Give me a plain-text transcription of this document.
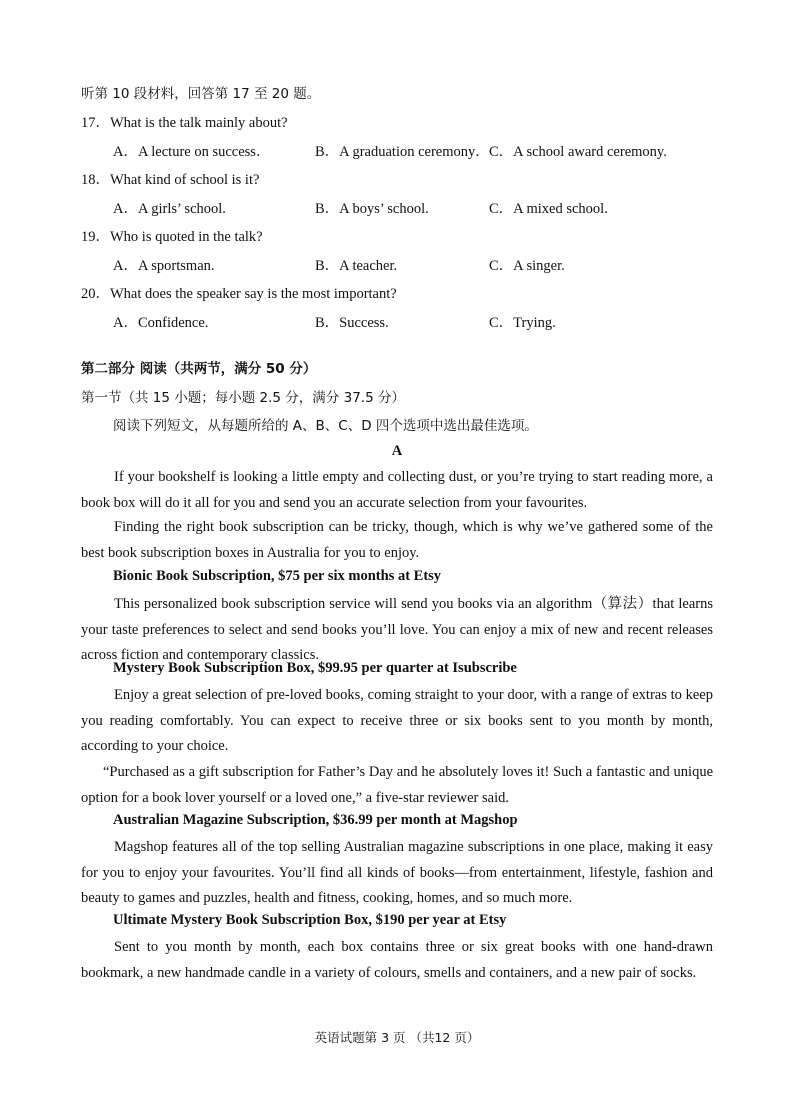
听第 10 段材料，回答第 17 至 20 题。
17．What is the talk mainly about?
A．A lecture on success．	B．A graduation ceremony． C．A school award ceremony.
18．What kind of school is it?
A．A girls’ school.	B．A boys’ school.	C．A mixed school.
19．Who is quoted in the talk?
A．A sportsman.	B．A teacher.	C．A singer.
20．What does the speaker say is the most important?
A．Confidence.	B．Success.	C．Trying.
第二部分 阅读（共两节，满分 50 分）
第一节（共 15 小题；每小题 2.5 分，满分 37.5 分）
阅读下列短文，从每题所给的 A、B、C、D 四个选项中选出最佳选项。
A
If your bookshelf is looking a little empty and collecting dust, or you’re trying to start reading more, a book box will do it all for you and send you an accurate selection from your favourites.
Finding the right book subscription can be tricky, though, which is why we’ve gathered some of the best book subscription boxes in Australia for you to enjoy.
Bionic Book Subscription, $75 per six months at Etsy
This personalized book subscription service will send you books via an algorithm（算法）that learns your taste preferences to select and send books you’ll love. You can enjoy a mix of new and recent releases across fiction and contemporary classics.
Mystery Book Subscription Box, $99.95 per quarter at Isubscribe
Enjoy a great selection of pre-loved books, coming straight to your door, with a range of extras to keep you reading comfortably. You can expect to receive three or six books sent to you month by month, according to your choice.
“Purchased as a gift subscription for Father’s Day and he absolutely loves it! Such a fantastic and unique option for a book lover yourself or a loved one,” a five-star reviewer said.
Australian Magazine Subscription, $36.99 per month at Magshop
Magshop features all of the top selling Australian magazine subscriptions in one place, making it easy for you to enjoy your favourites. You’ll find all kinds of books—from entertainment, lifestyle, fashion and beauty to games and puzzles, health and fitness, cooking, homes, and so much more.
Ultimate Mystery Book Subscription Box, $190 per year at Etsy
Sent to you month by month, each box contains three or six great books with one hand-drawn bookmark, a new handmade candle in a variety of colours, smells and containers, and a new pair of socks.
英语试题第 3 页 （共12 页）
